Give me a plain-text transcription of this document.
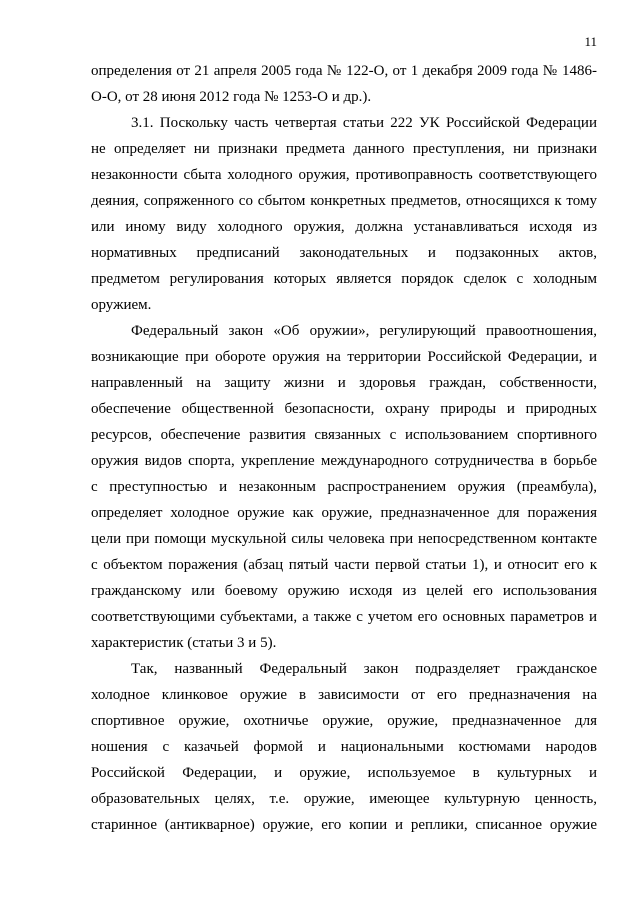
11
определения от 21 апреля 2005 года № 122-О, от 1 декабря 2009 года № 1486-
О-О, от 28 июня 2012 года № 1253-О и др.).
3.1. Поскольку часть четвертая статьи 222 УК Российской Федерации
не определяет ни признаки предмета данного преступления, ни признаки
незаконности сбыта холодного оружия, противоправность соответствующего
деяния, сопряженного со сбытом конкретных предметов, относящихся к тому
или иному виду холодного оружия, должна устанавливаться исходя из
нормативных предписаний законодательных и подзаконных актов,
предметом регулирования которых является порядок сделок с холодным
оружием.
Федеральный закон «Об оружии», регулирующий правоотношения,
возникающие при обороте оружия на территории Российской Федерации, и
направленный на защиту жизни и здоровья граждан, собственности,
обеспечение общественной безопасности, охрану природы и природных
ресурсов, обеспечение развития связанных с использованием спортивного
оружия видов спорта, укрепление международного сотрудничества в борьбе
с преступностью и незаконным распространением оружия (преамбула),
определяет холодное оружие как оружие, предназначенное для поражения
цели при помощи мускульной силы человека при непосредственном контакте
с объектом поражения (абзац пятый части первой статьи 1), и относит его к
гражданскому или боевому оружию исходя из целей его использования
соответствующими субъектами, а также с учетом его основных параметров и
характеристик (статьи 3 и 5).
Так, названный Федеральный закон подразделяет гражданское
холодное клинковое оружие в зависимости от его предназначения на
спортивное оружие, охотничье оружие, оружие, предназначенное для
ношения с казачьей формой и национальными костюмами народов
Российской Федерации, и оружие, используемое в культурных и
образовательных целях, т.е. оружие, имеющее культурную ценность,
старинное (антикварное) оружие, его копии и реплики, списанное оружие
